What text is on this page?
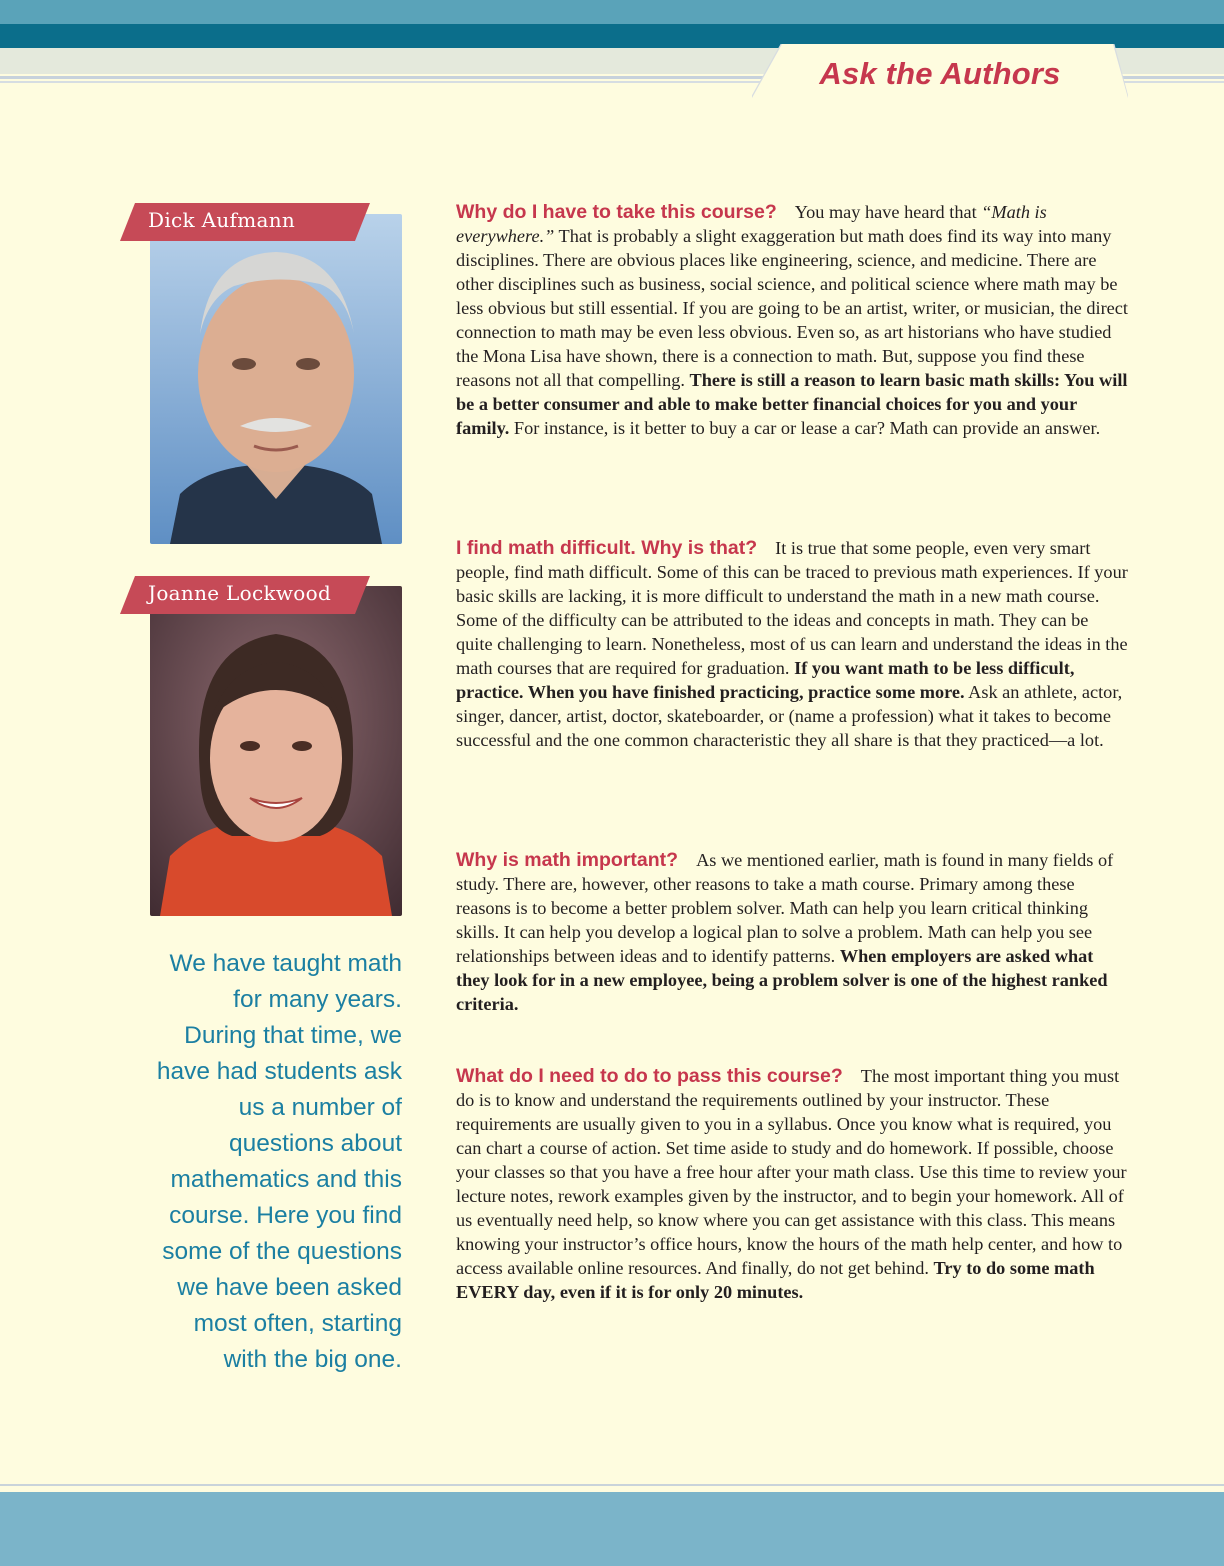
Ask the Authors
Dick Aufmann
Joanne Lockwood
We have taught math
for many years.
During that time, we
have had students ask
us a number of
questions about
mathematics and this
course. Here you find
some of the questions
we have been asked
most often, starting
with the big one.
Why do I have to take this course? You may have heard that “Math is everywhere.” That is probably a slight exaggeration but math does find its way into many disciplines. There are obvious places like engineering, science, and medicine. There are other disciplines such as business, social science, and political science where math may be less obvious but still essential. If you are going to be an artist, writer, or musician, the direct connection to math may be even less obvious. Even so, as art historians who have studied the Mona Lisa have shown, there is a connection to math. But, suppose you find these reasons not all that compelling. There is still a reason to learn basic math skills: You will be a better consumer and able to make better financial choices for you and your family. For instance, is it better to buy a car or lease a car? Math can provide an answer.
I find math difficult. Why is that? It is true that some people, even very smart people, find math difficult. Some of this can be traced to previous math experiences. If your basic skills are lacking, it is more difficult to understand the math in a new math course. Some of the difficulty can be attributed to the ideas and concepts in math. They can be quite challenging to learn. Nonetheless, most of us can learn and understand the ideas in the math courses that are required for graduation. If you want math to be less difficult, practice. When you have finished practicing, practice some more. Ask an athlete, actor, singer, dancer, artist, doctor, skateboarder, or (name a profession) what it takes to become successful and the one common characteristic they all share is that they practiced—a lot.
Why is math important? As we mentioned earlier, math is found in many fields of study. There are, however, other reasons to take a math course. Primary among these reasons is to become a better problem solver. Math can help you learn critical thinking skills. It can help you develop a logical plan to solve a problem. Math can help you see relationships between ideas and to identify patterns. When employers are asked what they look for in a new employee, being a problem solver is one of the highest ranked criteria.
What do I need to do to pass this course? The most important thing you must do is to know and understand the requirements outlined by your instructor. These requirements are usually given to you in a syllabus. Once you know what is required, you can chart a course of action. Set time aside to study and do homework. If possible, choose your classes so that you have a free hour after your math class. Use this time to review your lecture notes, rework examples given by the instructor, and to begin your homework. All of us eventually need help, so know where you can get assistance with this class. This means knowing your instructor’s office hours, know the hours of the math help center, and how to access available online resources. And finally, do not get behind. Try to do some math EVERY day, even if it is for only 20 minutes.
